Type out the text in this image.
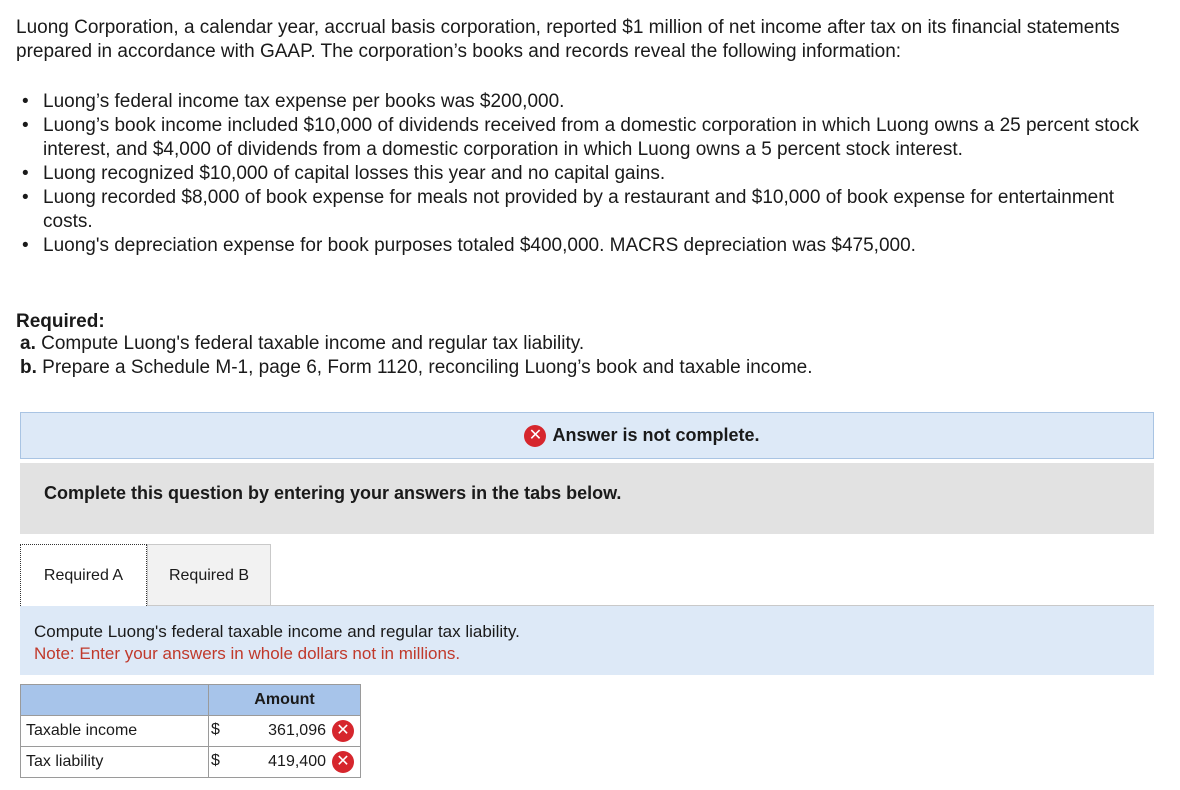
Luong Corporation, a calendar year, accrual basis corporation, reported $1 million of net income after tax on its financial statements prepared in accordance with GAAP. The corporation’s books and records reveal the following information:
• Luong’s federal income tax expense per books was $200,000.
• Luong’s book income included $10,000 of dividends received from a domestic corporation in which Luong owns a 25 percent stock interest, and $4,000 of dividends from a domestic corporation in which Luong owns a 5 percent stock interest.
• Luong recognized $10,000 of capital losses this year and no capital gains.
• Luong recorded $8,000 of book expense for meals not provided by a restaurant and $10,000 of book expense for entertainment costs.
• Luong's depreciation expense for book purposes totaled $400,000. MACRS depreciation was $475,000.
Required:
a. Compute Luong's federal taxable income and regular tax liability.
b. Prepare a Schedule M-1, page 6, Form 1120, reconciling Luong’s book and taxable income.
✕ Answer is not complete.
Complete this question by entering your answers in the tabs below.
Required A	Required B
Compute Luong's federal taxable income and regular tax liability.
Note: Enter your answers in whole dollars not in millions.
	Amount
Taxable income	$ 361,096 ✕

Tax liability	$ 419,400 ✕
